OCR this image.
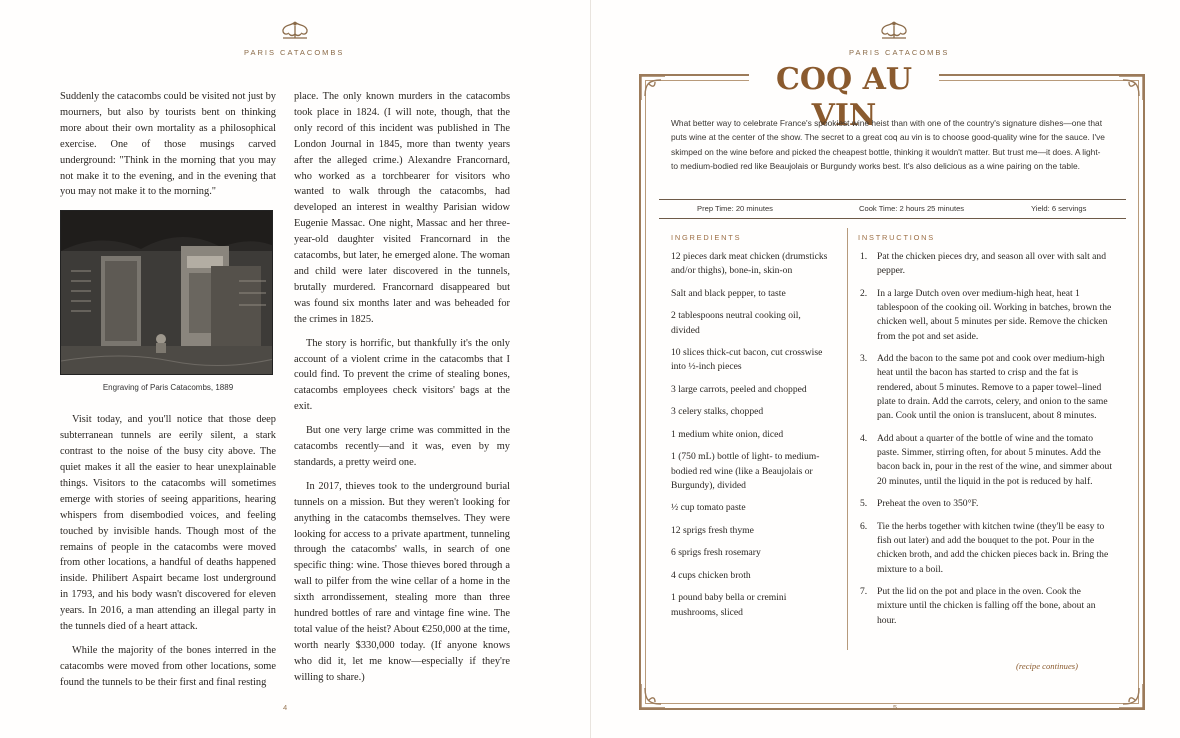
PARIS CATACOMBS

Suddenly the catacombs could be visited not just by mourners, but also by tourists bent on thinking more about their own mortality as a philosophical exercise. One of those musings carved underground: "Think in the morning that you may not make it to the evening, and in the evening that you may not make it to the morning."

Engraving of Paris Catacombs, 1889

Visit today, and you'll notice that those deep subterranean tunnels are eerily silent, a stark contrast to the noise of the busy city above. The quiet makes it all the easier to hear unexplainable things. Visitors to the catacombs will sometimes emerge with stories of seeing apparitions, hearing whispers from disembodied voices, and feeling touched by invisible hands. Though most of the remains of people in the catacombs were moved from other locations, a handful of deaths happened inside. Philibert Aspairt became lost underground in 1793, and his body wasn't discovered for eleven years. In 2016, a man attending an illegal party in the tunnels died of a heart attack.

While the majority of the bones interred in the catacombs were moved from other locations, some found the tunnels to be their first and final resting

place. The only known murders in the catacombs took place in 1824. (I will note, though, that the only record of this incident was published in The London Journal in 1845, more than twenty years after the alleged crime.) Alexandre Francornard, who worked as a torchbearer for visitors who wanted to walk through the catacombs, had developed an interest in wealthy Parisian widow Eugenie Massac. One night, Massac and her three-year-old daughter visited Francornard in the catacombs, but later, he emerged alone. The woman and child were later discovered in the tunnels, brutally murdered. Francornard disappeared but was found six months later and was beheaded for the crimes in 1825.

The story is horrific, but thankfully it's the only account of a violent crime in the catacombs that I could find. To prevent the crime of stealing bones, catacombs employees check visitors' bags at the exit.

But one very large crime was committed in the catacombs recently—and it was, even by my standards, a pretty weird one.

In 2017, thieves took to the underground burial tunnels on a mission. But they weren't looking for anything in the catacombs themselves. They were looking for access to a private apartment, tunneling through the catacombs' walls, in search of one specific thing: wine. Those thieves bored through a wall to pilfer from the wine cellar of a home in the sixth arrondissement, stealing more than three hundred bottles of rare and vintage fine wine. The total value of the heist? About €250,000 at the time, worth nearly $330,000 today. (If anyone knows who did it, let me know—especially if they're willing to share.)

4
PARIS CATACOMBS
COQ AU VIN
What better way to celebrate France's spookiest wine heist than with one of the country's signature dishes—one that puts wine at the center of the show. The secret to a great coq au vin is to choose good-quality wine for the sauce. I've skimped on the wine before and picked the cheapest bottle, thinking it wouldn't matter. But trust me—it does. A light- to medium-bodied red like Beaujolais or Burgundy works best. It's also delicious as a wine pairing on the table.
Prep Time: 20 minutes	Cook Time: 2 hours 25 minutes	Yield: 6 servings
INGREDIENTS	INSTRUCTIONS
12 pieces dark meat chicken (drumsticks and/or thighs), bone-in, skin-on
Salt and black pepper, to taste
2 tablespoons neutral cooking oil, divided
10 slices thick-cut bacon, cut crosswise into ½-inch pieces
3 large carrots, peeled and chopped
3 celery stalks, chopped
1 medium white onion, diced
1 (750 mL) bottle of light- to medium-bodied red wine (like a Beaujolais or Burgundy), divided
½ cup tomato paste
12 sprigs fresh thyme
6 sprigs fresh rosemary
4 cups chicken broth
1 pound baby bella or cremini mushrooms, sliced
1. Pat the chicken pieces dry, and season all over with salt and pepper.
2. In a large Dutch oven over medium-high heat, heat 1 tablespoon of the cooking oil. Working in batches, brown the chicken well, about 5 minutes per side. Remove the chicken from the pot and set aside.
3. Add the bacon to the same pot and cook over medium-high heat until the bacon has started to crisp and the fat is rendered, about 5 minutes. Remove to a paper towel–lined plate to drain. Add the carrots, celery, and onion to the same pan. Cook until the onion is translucent, about 8 minutes.
4. Add about a quarter of the bottle of wine and the tomato paste. Simmer, stirring often, for about 5 minutes. Add the bacon back in, pour in the rest of the wine, and simmer about 20 minutes, until the liquid in the pot is reduced by half.
5. Preheat the oven to 350°F.
6. Tie the herbs together with kitchen twine (they'll be easy to fish out later) and add the bouquet to the pot. Pour in the chicken broth, and add the chicken pieces back in. Bring the mixture to a boil.
7. Put the lid on the pot and place in the oven. Cook the mixture until the chicken is falling off the bone, about an hour.
(recipe continues)
5
